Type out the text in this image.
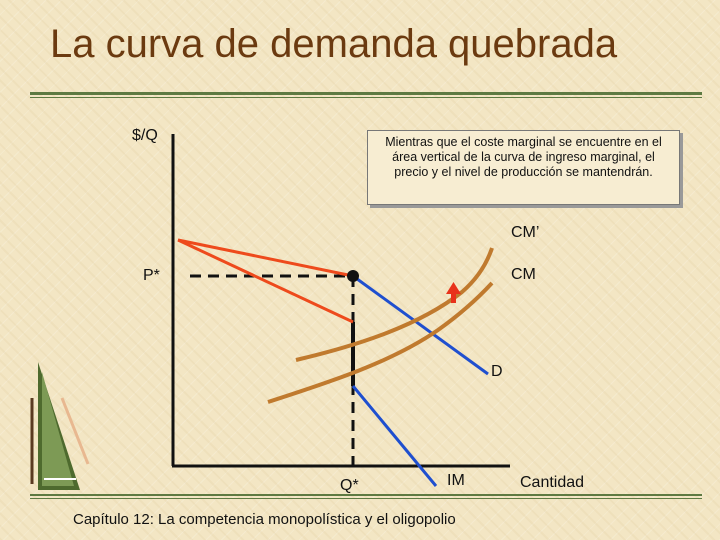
La curva de demanda quebrada
$/Q
P*
CM’
CM
D
Q*	IM	Cantidad
Mientras que el coste marginal se encuentre en el área vertical de la curva de ingreso marginal, el precio y el nivel de producción se mantendrán.
Capítulo 12: La competencia monopolística y el oligopolio
